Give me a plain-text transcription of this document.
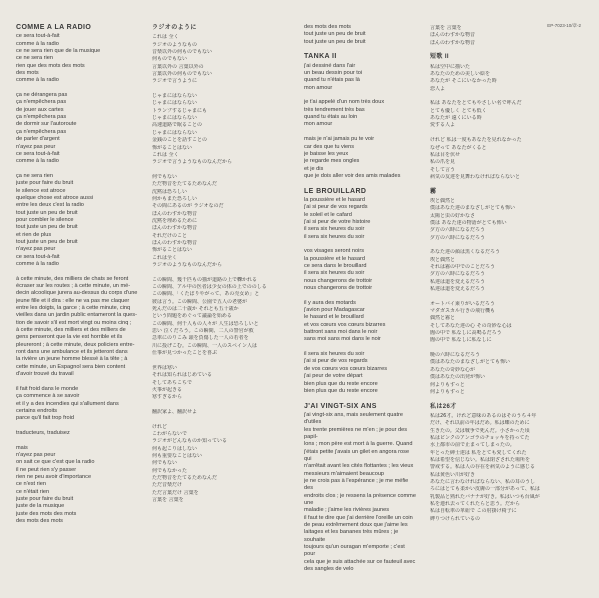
EP-7023-10/章-2
COMME A LA RADIO
ce sera tout-à-fait
comme à la radio
ce ne sera rien que de la musique
ce ne sera rien
rien que des mots des mots
des mots
comme à la radio
ça ne dérangera pas
ça n'empêchera pas
de jouer aux cartes
ça n'empêchera pas
de dormir sur l'autoroute
ça n'empêchera pas
de parler d'argent
n'ayez pas peur
ce sera tout-à-fait
comme à la radio
ça ne sera rien
juste pour faire du bruit
le silence est atroce
quelque chose est atroce aussi
entre les deux c'est la radio
tout juste un peu de bruit
pour combler le silence
tout juste un peu de bruit
et rien de plus
tout juste un peu de bruit
n'ayez pas peur
ce sera tout-à-fait
comme à la radio
à cette minute, des milliers de chats se feront
écraser sur les routes ; à cette minute, un mé-
decin alcoolique jurera au-dessus du corps d'une
jeune fille et il dira : elle ne va pas me claquer
entre les doigts, la garce ; à cette minute, cinq
vieilles dans un jardin public entameront la ques-
tion de savoir s'il est mort vingt ou moins cinq ;
à cette minute, des milliers et des milliers de
gens penseront que la vie est horrible et ils
pleureront ; à cette minute, deux policiers entre-
ront dans une ambulance et ils jetteront dans
la rivière un jeune homme blessé à la tête ; à
cette minute, un Espagnol sera bien content
d'avoir trouvé du travail
il fait froid dans le monde
ça commence à se savoir
et il y a des incendies qui s'allument dans
certains endroits
parce qu'il fait trop froid
traducteurs, traduisez
mais
n'ayez pas peur
on sait ce que c'est que la radio
il ne peut rien s'y passer
rien ne peu avoir d'importance
ce n'est rien
ce n'était rien
juste pour faire du bruit
juste de la musique
juste des mots des mots
des mots des mots
ラジオのように
これは 全く
ラジオのようなもの
音楽以外の何ものでもない
何ものでもない
言葉以外の 言葉以外の
言葉以外の何ものでもない
ラジオで言うように
じゃまにはならない
じゃまにはならない
トランプするじゃまにも
じゃまにはならない
高速道路で眠ることの
じゃまにはならない
金銭のことを話すことの
怖がることはない
これは 全く
ラジオで言うようなものなんだから
何でもない
ただ物音をたてるためなんだ
沈黙は恐ろしい
何かもまた恐ろしい
その間にあるのが ラジオなのだ
ほんのわずかな物音
沈黙を埋めるために
ほんのわずかな物音
それだけのこと
ほんのわずかな物音
怖がることはない
これは全く
ラジオのようなものなんだから
この瞬間、幾千匹もの猫が道路の上で轢かれる
この瞬間、アル中の医者は少女の体の上でののしる
この瞬間、「くたばりやがって、あの売女め」と
彼は言う。この瞬間、公園で五人の老婆が
死んだのは二十歳か それとも五十歳か
という問題をめぐって議論を始める
この瞬間、何千人もの人々が 人生は恐ろしいと
思い 泣くだろう。この瞬間、二人の警官が救
急車にのりこみ 頭を負傷した一人の若者を
川に投げこむ。この瞬間、一人のスペイン人は
仕事が見つかったことを喜ぶ
世界は寒い
それは知られはじめている
そしてあちこちで
火事が起きる
寒すぎるから
翻訳家よ、翻訳せよ
けれど
こわがらないで
ラジオがどんなものか知っている
何も起こりはしない
何も重要なことはない
何でもない
何でもなかった
ただ物音をたてるためなんだ
ただ音楽だけ
ただ言葉だけ 言葉を
言葉を 言葉を
des mots des mots
tout juste un peu de bruit
tout juste un peu de bruit
TANKA II
j'ai dessiné dans l'air
un beau dessin pour toi
quand tu n'étais pas là
mon amour
je t'ai appelé d'un nom très doux
très tendrement très bas
quand tu étais au loin
mon amour
mais je n'ai jamais pu te voir
car des que tu viens
je baisse les yeux
je regarde mes ongles
et je dis
que je dois aller voir des amis malades
LE BROUILLARD
la poussière et le hasard
j'ai si peur de vos regards
le soleil et le cafard
j'ai si peur de votre histoire
il sera six heures du soir
il sera six heures du soir
vos visages seront noirs
la poussière et le hasard
ce sera dans le brouillard
il sera six heures du soir
nous changerons de trottoir
nous changerons de trottoir
il y aura des motards
j'avion pour Madagascar
le hasard et le brouillard
et vos cœurs vos cœurs bizarres
battront sans moi dans le noir
sans moi sans moi dans le noir
il sera six heures du soir
j'ai si peur de vos regards
de vos cœurs vos cœurs bizarres
j'ai peur de votre départ
bien plus que du reste encore
bien plus que du reste encore
J'AI VINGT-SIX ANS
j'ai vingt-six ans, mais seulement quatre d'utiles
les trente premières ne m'en ; je pour des papil-
lons ; mon père est mort à la guerre. Quand
j'étais petite j'avais un gilet en angora rose qui
n'arrêtait avant les cités flottantes ; les vieux
messieurs m'aimaient beaucoup
je ne crois pas à l'espérance ; je me méfie des
endroits clos ; je ressens la présence comme une
maladie ; j'aime les rivières jaunes
il faut te dire que j'ai derrière l'oreille un coin
de peau extrêmement doux que j'aime les
laitages et les bananes très mûres ; je souhaite
toujours qu'un ouragan m'emporte ; c'est pour
cela que je suis attachée sur ce fauteuil avec
des sangles de velo
言葉を 言葉を
ほんのわずかな物音
ほんのわずかな物音
短歌 II
私は空中に描いた
あなたのための美しい絵を
あなたが そこにいなかった時
恋人よ
私は あなたをとてもやさしい名で呼んだ
とても優しく とても低く
あなたが 遠くにいる時
愛する人よ
けれど 私は一度もあなたを見れなかった
なぜって あなたがくると
私は目を伏せ
私の爪を見
そして言う
病気の友達を見舞わなければならないと
霧
埃と偶然と
僕はあなた達のまなざしがとても怖い
太陽と虫の好かなさ
僕は あなた達の物語がとても怖い
夕方の六時になるだろう
夕方の六時になるだろう
あなた達の顔は黒くなるだろう
埃と偶然と
それは霧の中でのことだろう
夕方の六時になるだろう
私達は道を変えるだろう
私達は道を変えるだろう
オートバイ乗りがいるだろう
マダガスカル行きの飛行機も
偶然と霧と
そしてあなた達の心 その奇妙な心は
闇の中で 私なしに高鳴るだろう
闇の中で 私なしに私なしに
晩の六時になるだろう
僕はあなたのまなざしがとても怖い
あなたの奇妙な心が
僕はあなたの出発が怖い
何よりもずっと
何よりもずっと
私は26才
私は26才。けれど意味のあるのはそのうち４年
だけ、それ以前の年はだめ。私は蝶のために
生きたの。父は戦争で死んだ。小さかった頃
私はピンクのアンゴラのチョッキを持ってた
水上都市の前で止まってしまったの。
年とった紳士達は 私をとても愛してくれた
私は希望を信じない。私は閉ざされた場所を
警戒する。私は人の存在を病気のように感じる
私は黄色い川が好き
あなたに言わなければならない、私の耳のうし
ろにはとても柔かい皮膚の一部分があって、私は
乳製品と熟れたバナナが好き。私はいつも台風が
私を連れ去ってくれたらと思う。だから
私は自転車の革紐で この肘掛け椅子に
縛りつけられているの
